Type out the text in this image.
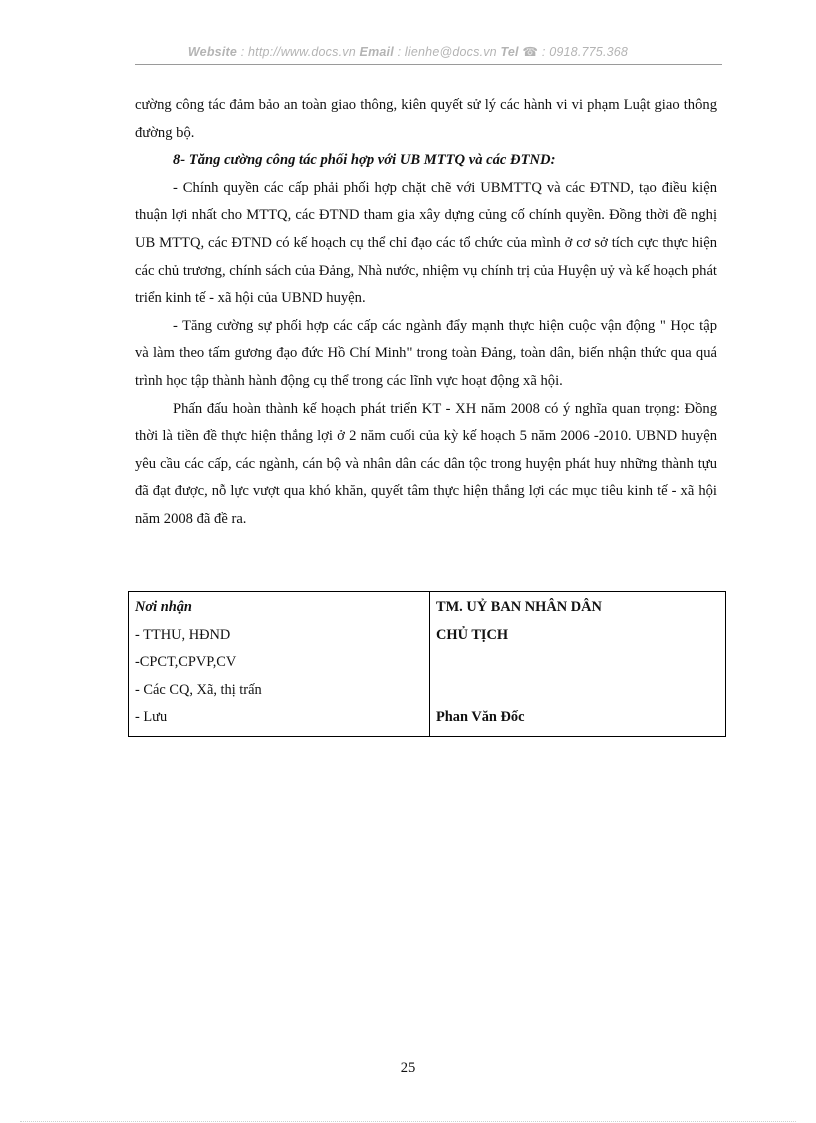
Website : http://www.docs.vn Email : lienhe@docs.vn Tel ☎ : 0918.775.368

cường công tác đảm bảo an toàn giao thông, kiên quyết sử lý các hành vi vi phạm Luật giao thông đường bộ.

8- Tăng cường công tác phối hợp với UB MTTQ và các ĐTND:

- Chính quyền các cấp phải phối hợp chặt chẽ với UBMTTQ và các ĐTND, tạo điều kiện thuận lợi nhất cho MTTQ, các ĐTND tham gia xây dựng củng cố chính quyền. Đồng thời đề nghị UB MTTQ, các ĐTND có kế hoạch cụ thể chỉ đạo các tổ chức của mình ở cơ sở tích cực thực hiện các chủ trương, chính sách của Đảng, Nhà nước, nhiệm vụ chính trị của Huyện uỷ và kế hoạch phát triển kinh tế - xã hội của UBND huyện.

- Tăng cường sự phối hợp các cấp các ngành đẩy mạnh thực hiện cuộc vận động " Học tập và làm theo tấm gương đạo đức Hồ Chí Minh" trong toàn Đảng, toàn dân, biến nhận thức qua quá trình học tập thành hành động cụ thể trong các lĩnh vực hoạt động xã hội.

Phấn đấu hoàn thành kế hoạch phát triển KT - XH năm 2008 có ý nghĩa quan trọng: Đồng thời là tiền đề thực hiện thắng lợi ở 2 năm cuối của kỳ kế hoạch 5 năm 2006 -2010. UBND huyện yêu cầu các cấp, các ngành, cán bộ và nhân dân các dân tộc trong huyện phát huy những thành tựu đã đạt được, nỗ lực vượt qua khó khăn, quyết tâm thực hiện thắng lợi các mục tiêu kinh tế - xã hội năm 2008 đã đề ra.

Nơi nhận
- TTHU, HĐND
-CPCT,CPVP,CV
- Các CQ, Xã, thị trấn
- Lưu

TM. UỶ BAN NHÂN DÂN
CHỦ TỊCH
Phan Văn Đốc
25
